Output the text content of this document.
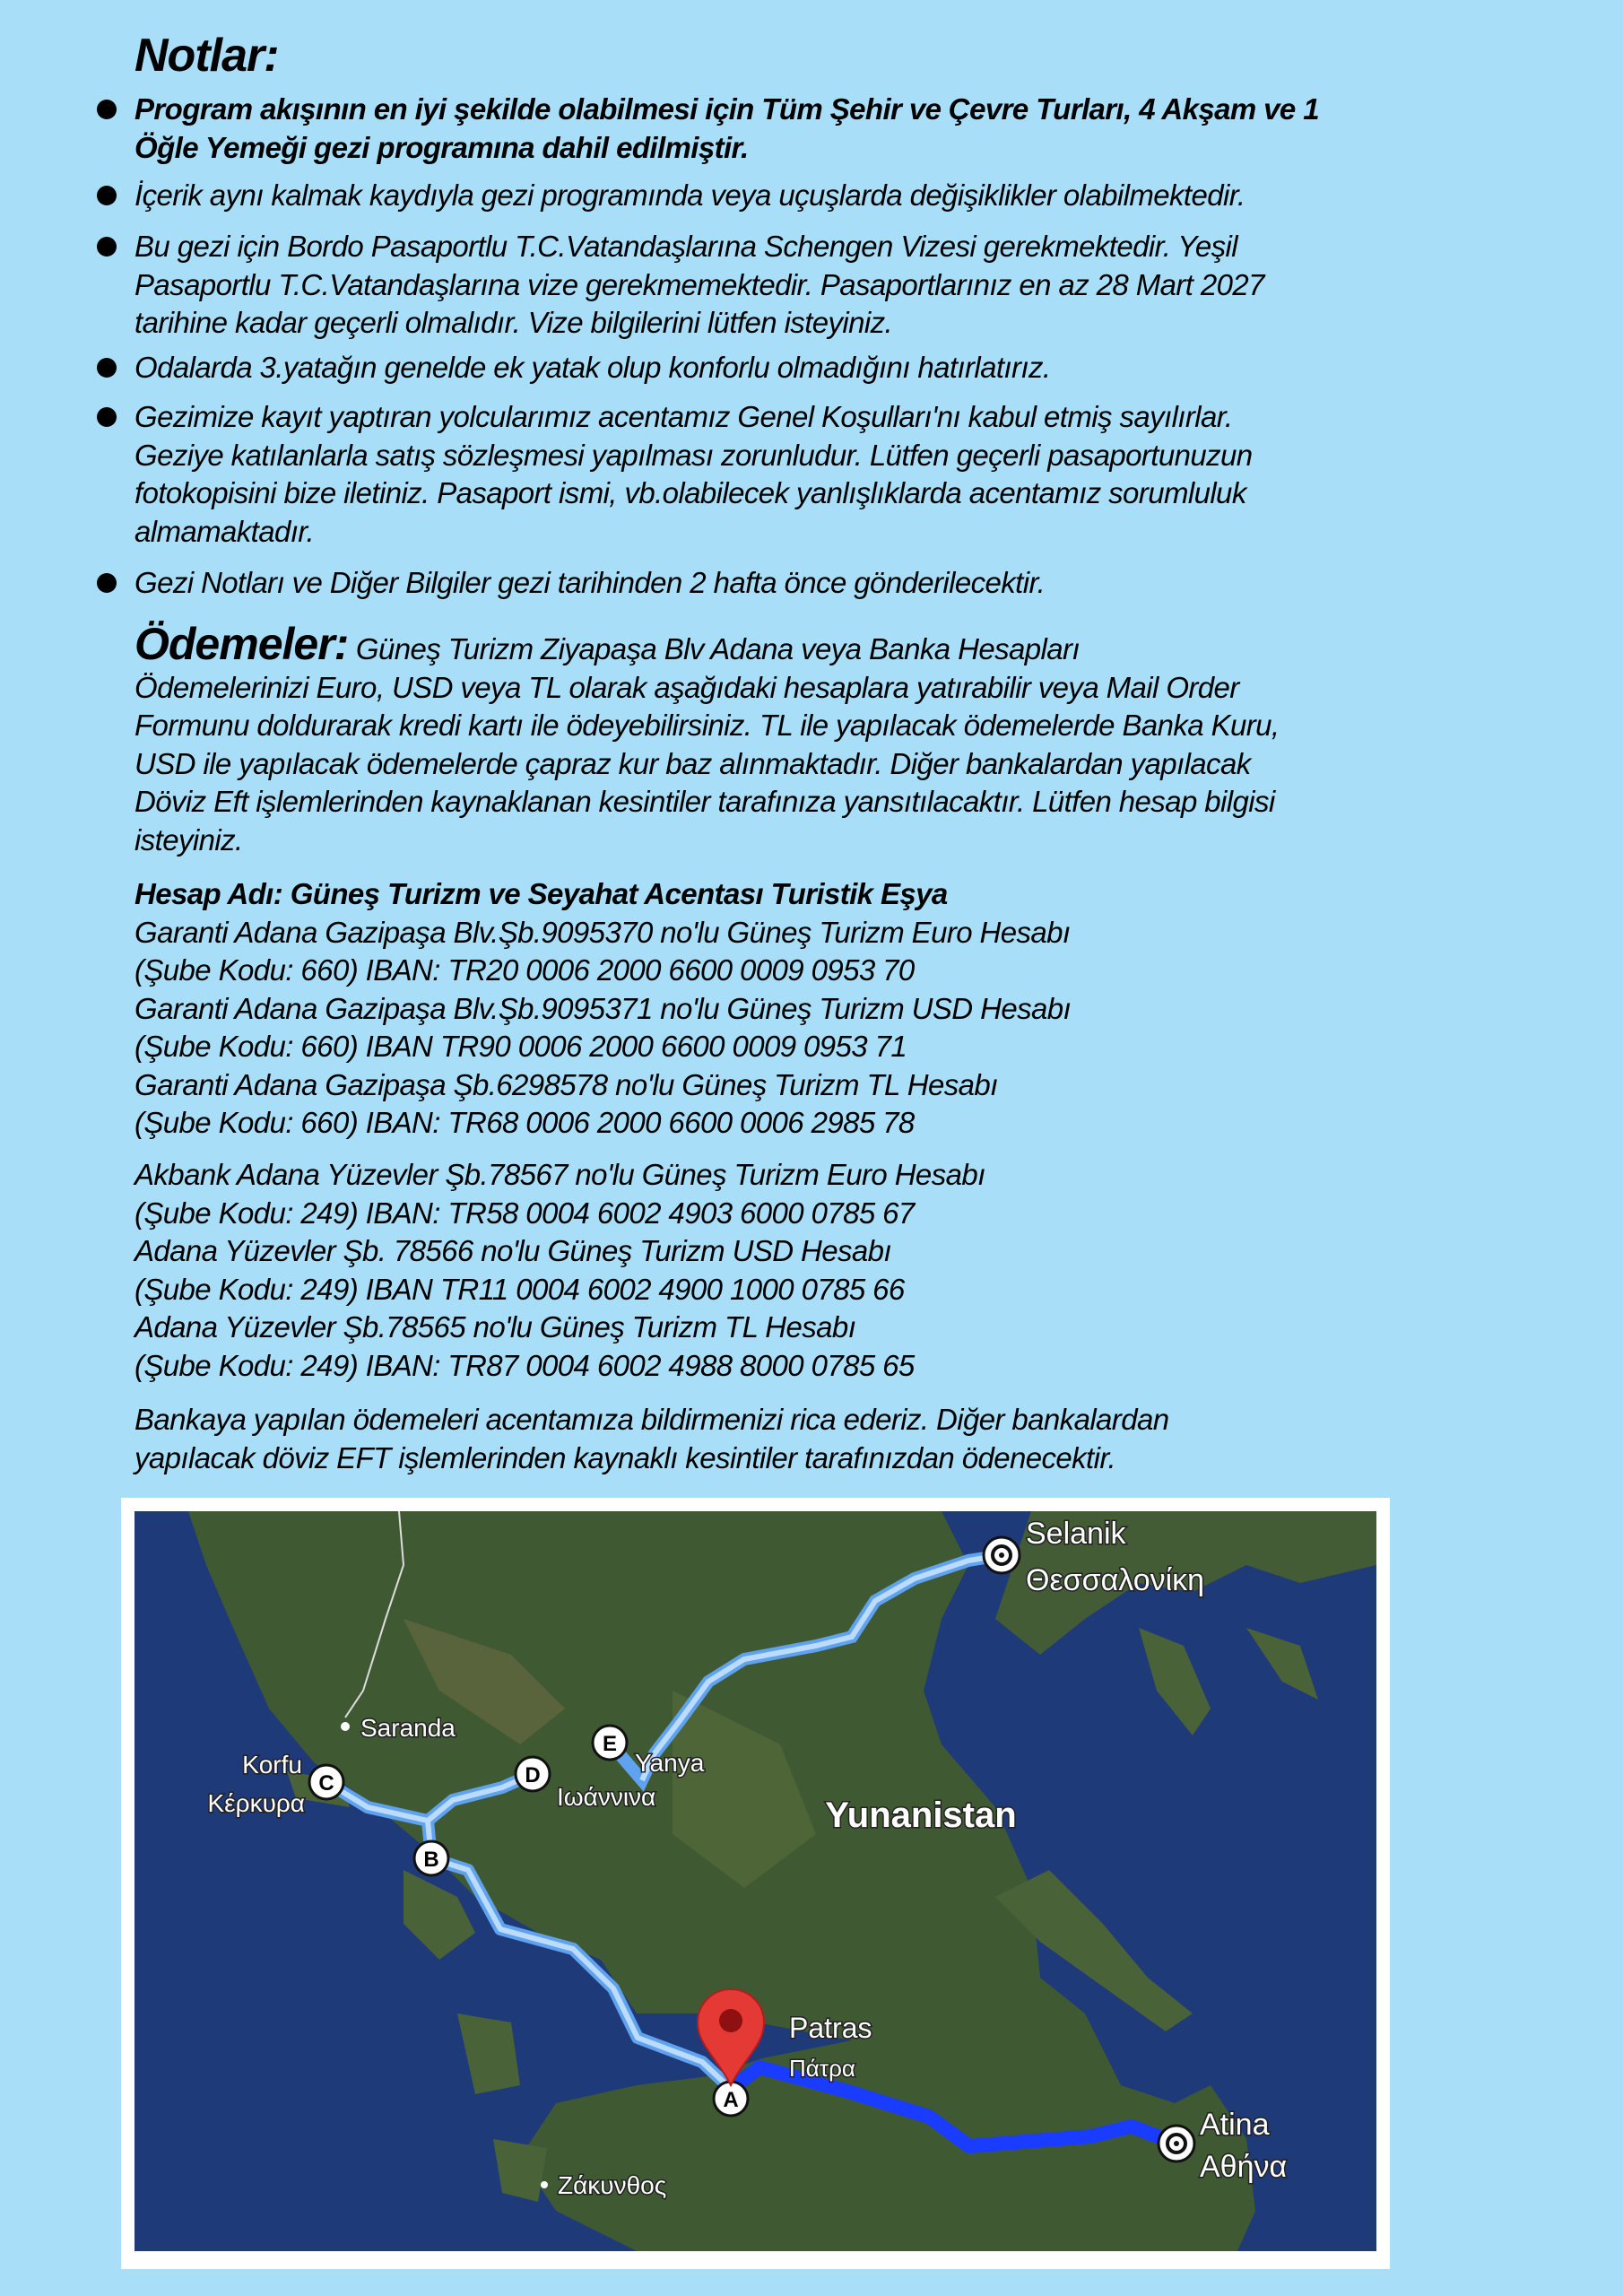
Notlar:
Program akışının en iyi şekilde olabilmesi için Tüm Şehir ve Çevre Turları, 4 Akşam ve 1
Öğle Yemeği gezi programına dahil edilmiştir.
İçerik aynı kalmak kaydıyla gezi programında veya uçuşlarda değişiklikler olabilmektedir.
Bu gezi için Bordo Pasaportlu T.C.Vatandaşlarına Schengen Vizesi gerekmektedir. Yeşil
Pasaportlu T.C.Vatandaşlarına vize gerekmemektedir. Pasaportlarınız en az 28 Mart 2027
tarihine kadar geçerli olmalıdır. Vize bilgilerini lütfen isteyiniz.
Odalarda 3.yatağın genelde ek yatak olup konforlu olmadığını hatırlatırız.
Gezimize kayıt yaptıran yolcularımız acentamız Genel Koşulları'nı kabul etmiş sayılırlar.
Geziye katılanlarla satış sözleşmesi yapılması zorunludur. Lütfen geçerli pasaportunuzun
fotokopisini bize iletiniz. Pasaport ismi, vb.olabilecek yanlışlıklarda acentamız sorumluluk
almamaktadır.
Gezi Notları ve Diğer Bilgiler gezi tarihinden 2 hafta önce gönderilecektir.
Ödemeler: Güneş Turizm Ziyapaşa Blv Adana veya Banka Hesapları
Ödemelerinizi Euro, USD veya TL olarak aşağıdaki hesaplara yatırabilir veya Mail Order
Formunu doldurarak kredi kartı ile ödeyebilirsiniz. TL ile yapılacak ödemelerde Banka Kuru,
USD ile yapılacak ödemelerde çapraz kur baz alınmaktadır. Diğer bankalardan yapılacak
Döviz Eft işlemlerinden kaynaklanan kesintiler tarafınıza yansıtılacaktır. Lütfen hesap bilgisi
isteyiniz.
Hesap Adı: Güneş Turizm ve Seyahat Acentası Turistik Eşya
Garanti Adana Gazipaşa Blv.Şb.9095370 no'lu Güneş Turizm Euro Hesabı
(Şube Kodu: 660) IBAN: TR20 0006 2000 6600 0009 0953 70
Garanti Adana Gazipaşa Blv.Şb.9095371 no'lu Güneş Turizm USD Hesabı
(Şube Kodu: 660) IBAN TR90 0006 2000 6600 0009 0953 71
Garanti Adana Gazipaşa Şb.6298578 no'lu Güneş Turizm TL Hesabı
(Şube Kodu: 660) IBAN: TR68 0006 2000 6600 0006 2985 78
Akbank Adana Yüzevler Şb.78567 no'lu Güneş Turizm Euro Hesabı
(Şube Kodu: 249) IBAN: TR58 0004 6002 4903 6000 0785 67
Adana Yüzevler Şb. 78566 no'lu Güneş Turizm USD Hesabı
(Şube Kodu: 249) IBAN TR11 0004 6002 4900 1000 0785 66
Adana Yüzevler Şb.78565 no'lu Güneş Turizm TL Hesabı
(Şube Kodu: 249) IBAN: TR87 0004 6002 4988 8000 0785 65
Bankaya yapılan ödemeleri acentamıza bildirmenizi rica ederiz. Diğer bankalardan
yapılacak döviz EFT işlemlerinden kaynaklı kesintiler tarafınızdan ödenecektir.
Selanik
Θεσσαλονίκη
Yanya
Ιωάννινα
Korfu
Κέρκυρα
Saranda
Patras
Πάτρα
Atina
Αθήνα
Ζάκυνθος
Yunanistan
A
B
C	D
E
